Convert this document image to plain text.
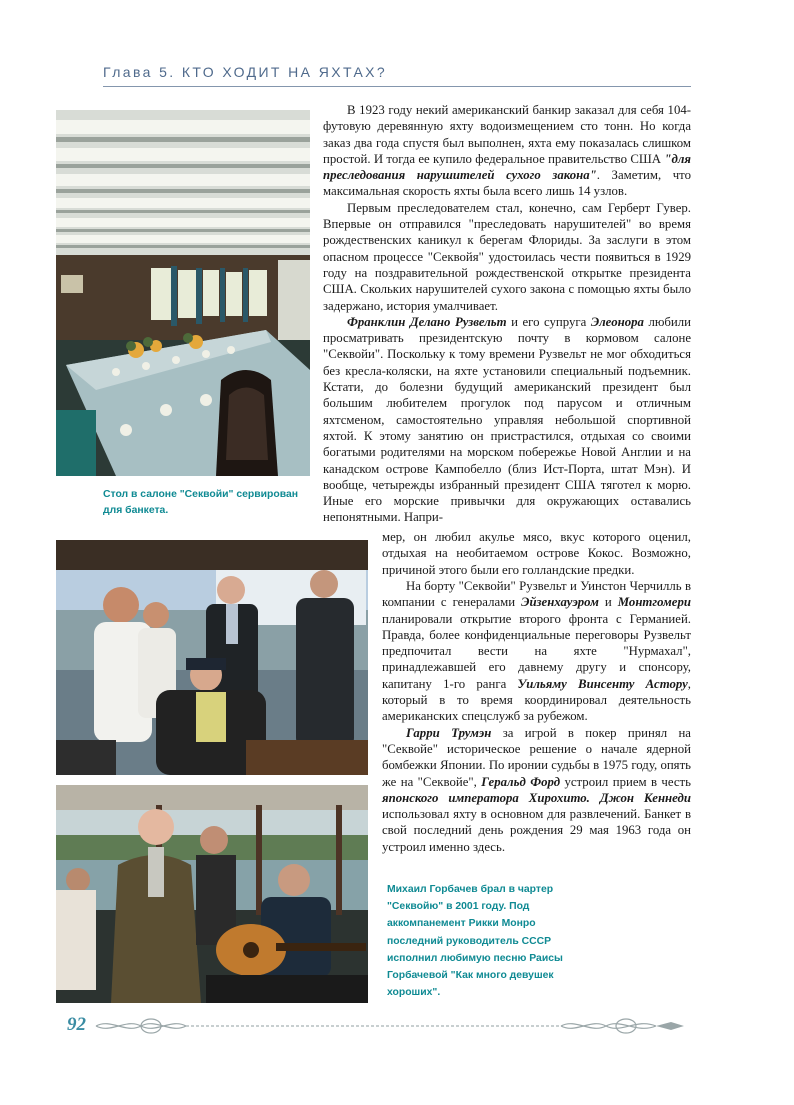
Глава 5. КТО ХОДИТ НА ЯХТАХ?
Стол в салоне "Секвойи" сервирован для банкета.
Михаил Горбачев брал в чартер "Секвойю" в 2001 году. Под аккомпанемент Рикки Монро последний руководитель СССР исполнил любимую песню Раисы Горбачевой "Как много девушек хороших".

В 1923 году некий американский банкир заказал для себя 104-футовую деревянную яхту водоизмещением сто тонн. Но когда заказ два года спустя был выполнен, яхта ему показалась слишком простой. И тогда ее купило федеральное правительство США "для преследования нарушителей сухого закона". Заметим, что максимальная скорость яхты была всего лишь 14 узлов.

Первым преследователем стал, конечно, сам Герберт Гувер. Впервые он отправился "преследовать нарушителей" во время рождественских каникул к берегам Флориды. За заслуги в этом опасном процессе "Секвойя" удостоилась чести появиться в 1929 году на поздравительной рождественской открытке президента США. Скольких нарушителей сухого закона с помощью яхты было задержано, история умалчивает.

Франклин Делано Рузвельт и его супруга Элеонора любили просматривать президентскую почту в кормовом салоне "Секвойи". Поскольку к тому времени Рузвельт не мог обходиться без кресла-коляски, на яхте установили специальный подъемник. Кстати, до болезни будущий американский президент был большим любителем прогулок под парусом и отличным яхтсменом, самостоятельно управляя небольшой спортивной яхтой. К этому занятию он пристрастился, отдыхая со своими богатыми родителями на морском побережье Новой Англии и на канадском острове Кампобелло (близ Ист-Порта, штат Мэн). И вообще, четырежды избранный президент США тяготел к морю. Иные его морские привычки для окружающих оставались непонятными. Напри-

мер, он любил акулье мясо, вкус которого оценил, отдыхая на необитаемом острове Кокос. Возможно, причиной этого были его голландские предки.

На борту "Секвойи" Рузвельт и Уинстон Черчилль в компании с генералами Эйзенхауэром и Монтгомери планировали открытие второго фронта с Германией. Правда, более конфиденциальные переговоры Рузвельт предпочитал вести на яхте "Нурмахал", принадлежавшей его давнему другу и спонсору, капитану 1-го ранга Уильяму Винсенту Астору, который в то время координировал деятельность американских спецслужб за рубежом.

Гарри Трумэн за игрой в покер принял на "Секвойе" историческое решение о начале ядерной бомбежки Японии. По иронии судьбы в 1975 году, опять же на "Секвойе", Геральд Форд устроил прием в честь японского императора Хирохито. Джон Кеннеди использовал яхту в основном для развлечений. Банкет в свой последний день рождения 29 мая 1963 года он устроил именно здесь.

92
